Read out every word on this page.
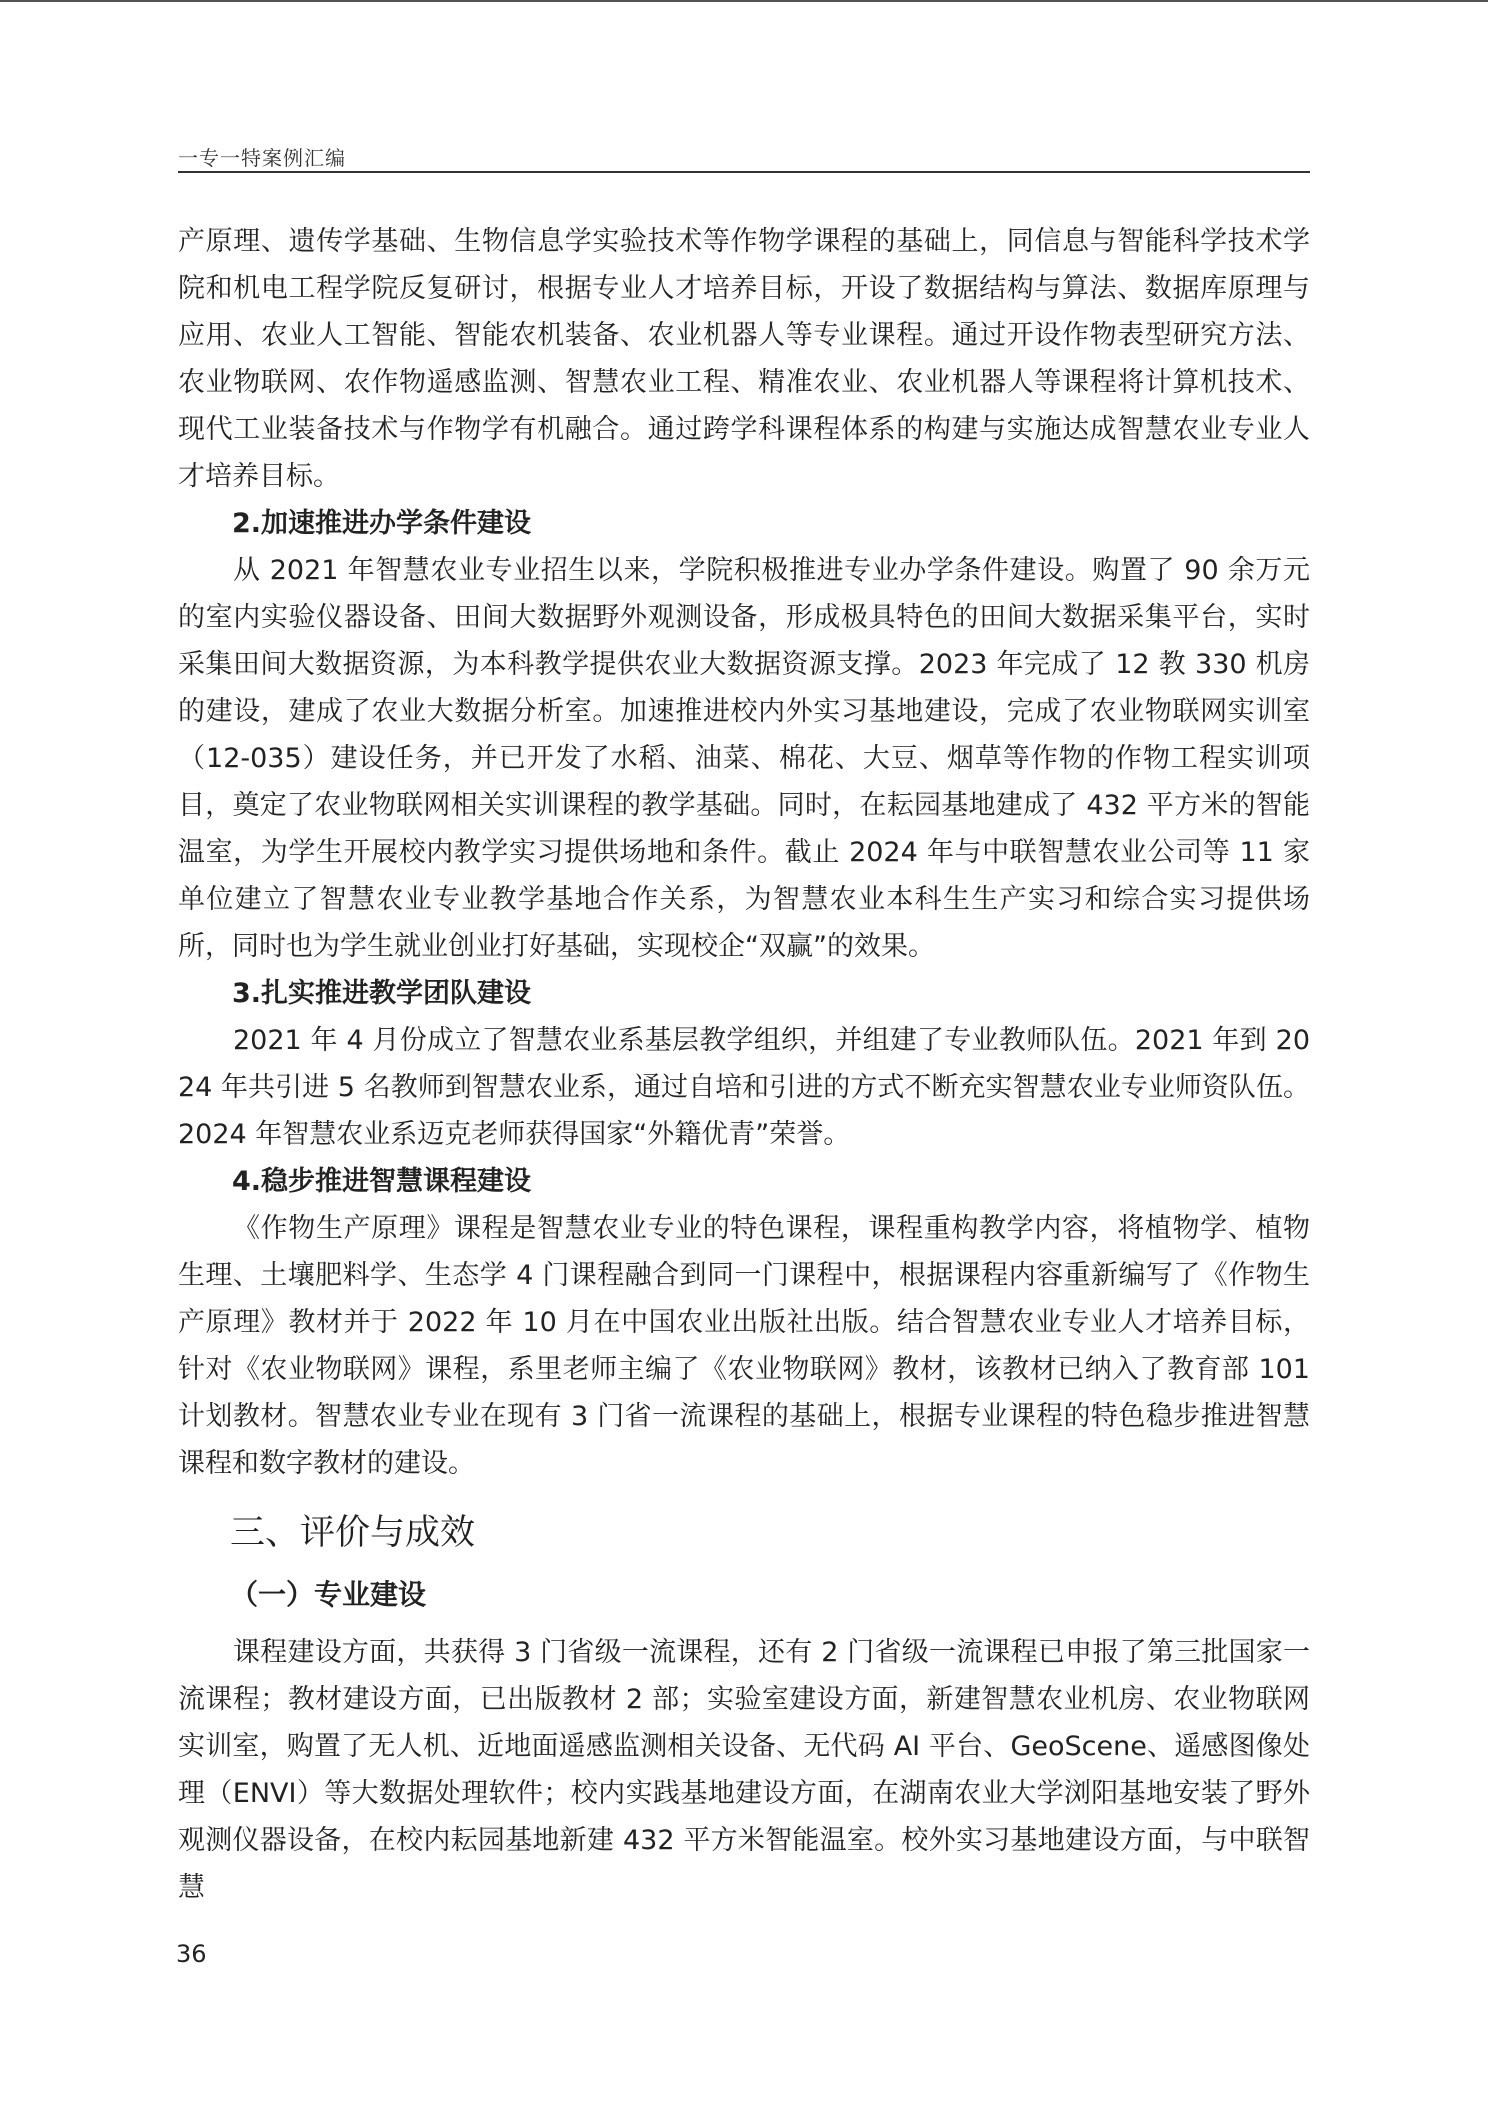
一专一特案例汇编

产原理、遗传学基础、生物信息学实验技术等作物学课程的基础上，同信息与智能科学技术学院和机电工程学院反复研讨，根据专业人才培养目标，开设了数据结构与算法、数据库原理与应用、农业人工智能、智能农机装备、农业机器人等专业课程。通过开设作物表型研究方法、农业物联网、农作物遥感监测、智慧农业工程、精准农业、农业机器人等课程将计算机技术、现代工业装备技术与作物学有机融合。通过跨学科课程体系的构建与实施达成智慧农业专业人才培养目标。

2.加速推进办学条件建设

从 2021 年智慧农业专业招生以来，学院积极推进专业办学条件建设。购置了 90 余万元的室内实验仪器设备、田间大数据野外观测设备，形成极具特色的田间大数据采集平台，实时采集田间大数据资源，为本科教学提供农业大数据资源支撑。2023 年完成了 12 教 330 机房的建设，建成了农业大数据分析室。加速推进校内外实习基地建设，完成了农业物联网实训室（12-035）建设任务，并已开发了水稻、油菜、棉花、大豆、烟草等作物的作物工程实训项目，奠定了农业物联网相关实训课程的教学基础。同时，在耘园基地建成了 432 平方米的智能温室，为学生开展校内教学实习提供场地和条件。截止 2024 年与中联智慧农业公司等 11 家单位建立了智慧农业专业教学基地合作关系，为智慧农业本科生生产实习和综合实习提供场所，同时也为学生就业创业打好基础，实现校企“双赢”的效果。

3.扎实推进教学团队建设

2021 年 4 月份成立了智慧农业系基层教学组织，并组建了专业教师队伍。2021 年到 2024 年共引进 5 名教师到智慧农业系，通过自培和引进的方式不断充实智慧农业专业师资队伍。2024 年智慧农业系迈克老师获得国家“外籍优青”荣誉。

4.稳步推进智慧课程建设

《作物生产原理》课程是智慧农业专业的特色课程，课程重构教学内容，将植物学、植物生理、土壤肥料学、生态学 4 门课程融合到同一门课程中，根据课程内容重新编写了《作物生产原理》教材并于 2022 年 10 月在中国农业出版社出版。结合智慧农业专业人才培养目标，针对《农业物联网》课程，系里老师主编了《农业物联网》教材，该教材已纳入了教育部 101 计划教材。智慧农业专业在现有 3 门省一流课程的基础上，根据专业课程的特色稳步推进智慧课程和数字教材的建设。

三、评价与成效
（一）专业建设

课程建设方面，共获得 3 门省级一流课程，还有 2 门省级一流课程已申报了第三批国家一流课程；教材建设方面，已出版教材 2 部；实验室建设方面，新建智慧农业机房、农业物联网实训室，购置了无人机、近地面遥感监测相关设备、无代码 AI 平台、GeoScene、遥感图像处理（ENVI）等大数据处理软件；校内实践基地建设方面，在湖南农业大学浏阳基地安装了野外观测仪器设备，在校内耘园基地新建 432 平方米智能温室。校外实习基地建设方面，与中联智慧

36
